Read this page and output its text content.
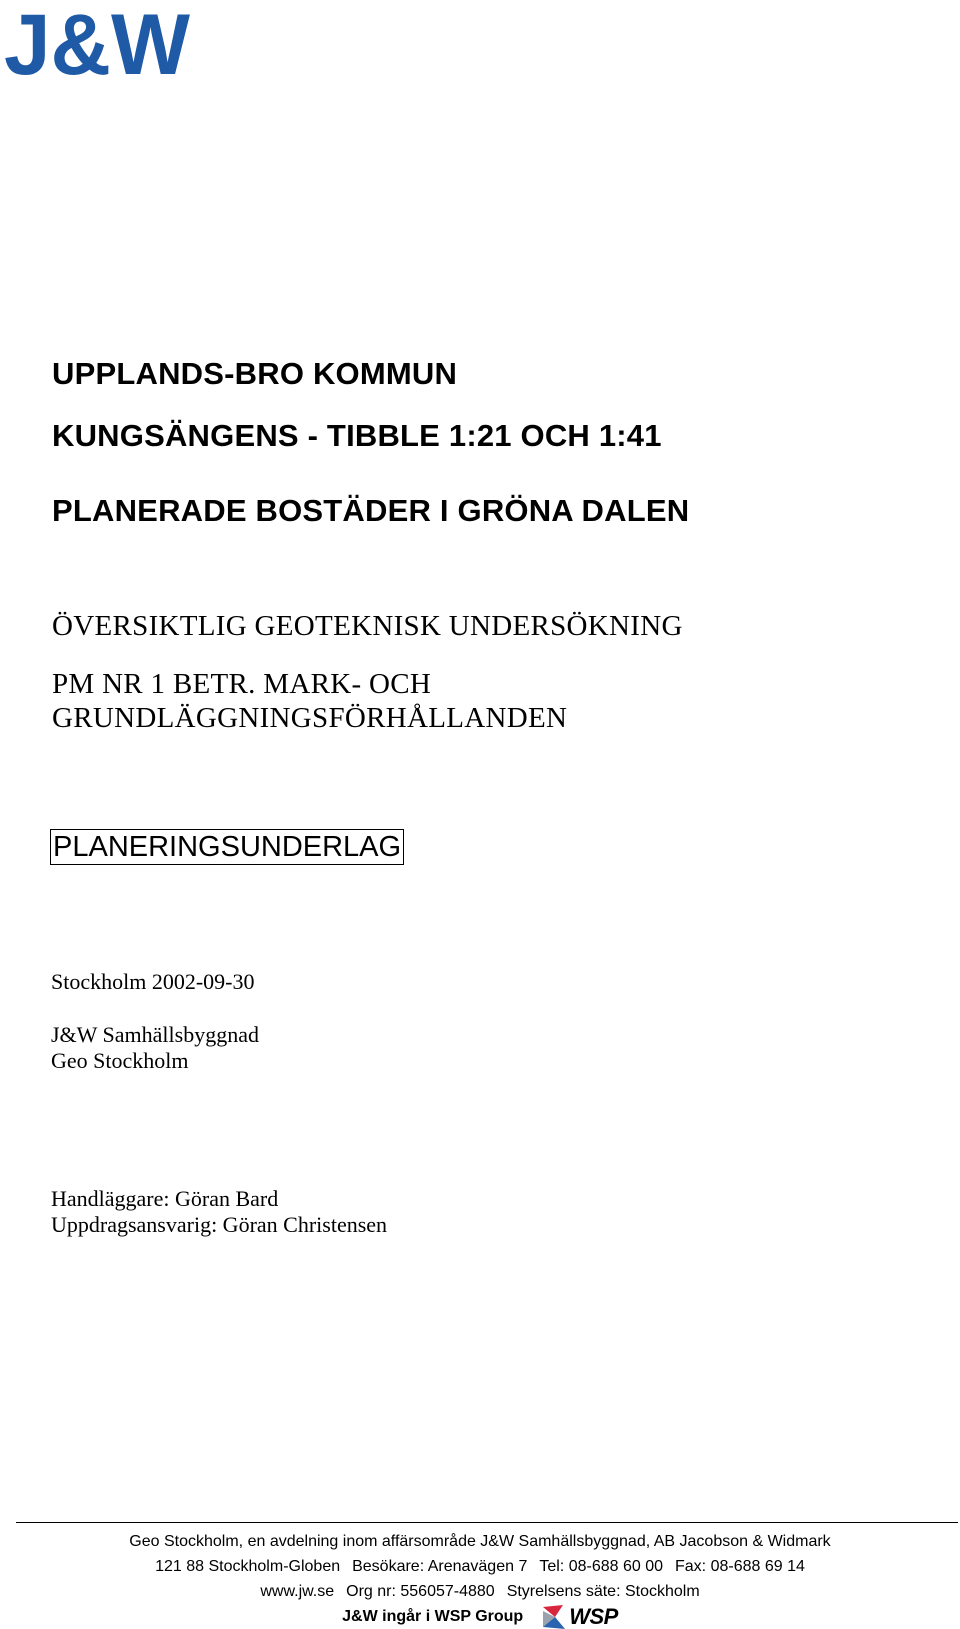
J&W
UPPLANDS-BRO KOMMUN
KUNGSÄNGENS - TIBBLE 1:21 OCH 1:41
PLANERADE BOSTÄDER I GRÖNA DALEN
ÖVERSIKTLIG GEOTEKNISK UNDERSÖKNING
PM NR 1 BETR. MARK- OCH
GRUNDLÄGGNINGSFÖRHÅLLANDEN
PLANERINGSUNDERLAG
Stockholm 2002-09-30
J&W Samhällsbyggnad
Geo Stockholm
Handläggare: Göran Bard
Uppdragsansvarig: Göran Christensen
Geo Stockholm, en avdelning inom affärsområde J&W Samhällsbyggnad, AB Jacobson & Widmark
121 88 Stockholm-Globen Besökare: Arenavägen 7 Tel: 08-688 60 00 Fax: 08-688 69 14
www.jw.se Org nr: 556057-4880 Styrelsens säte: Stockholm
J&W ingår i WSP Group WSP
